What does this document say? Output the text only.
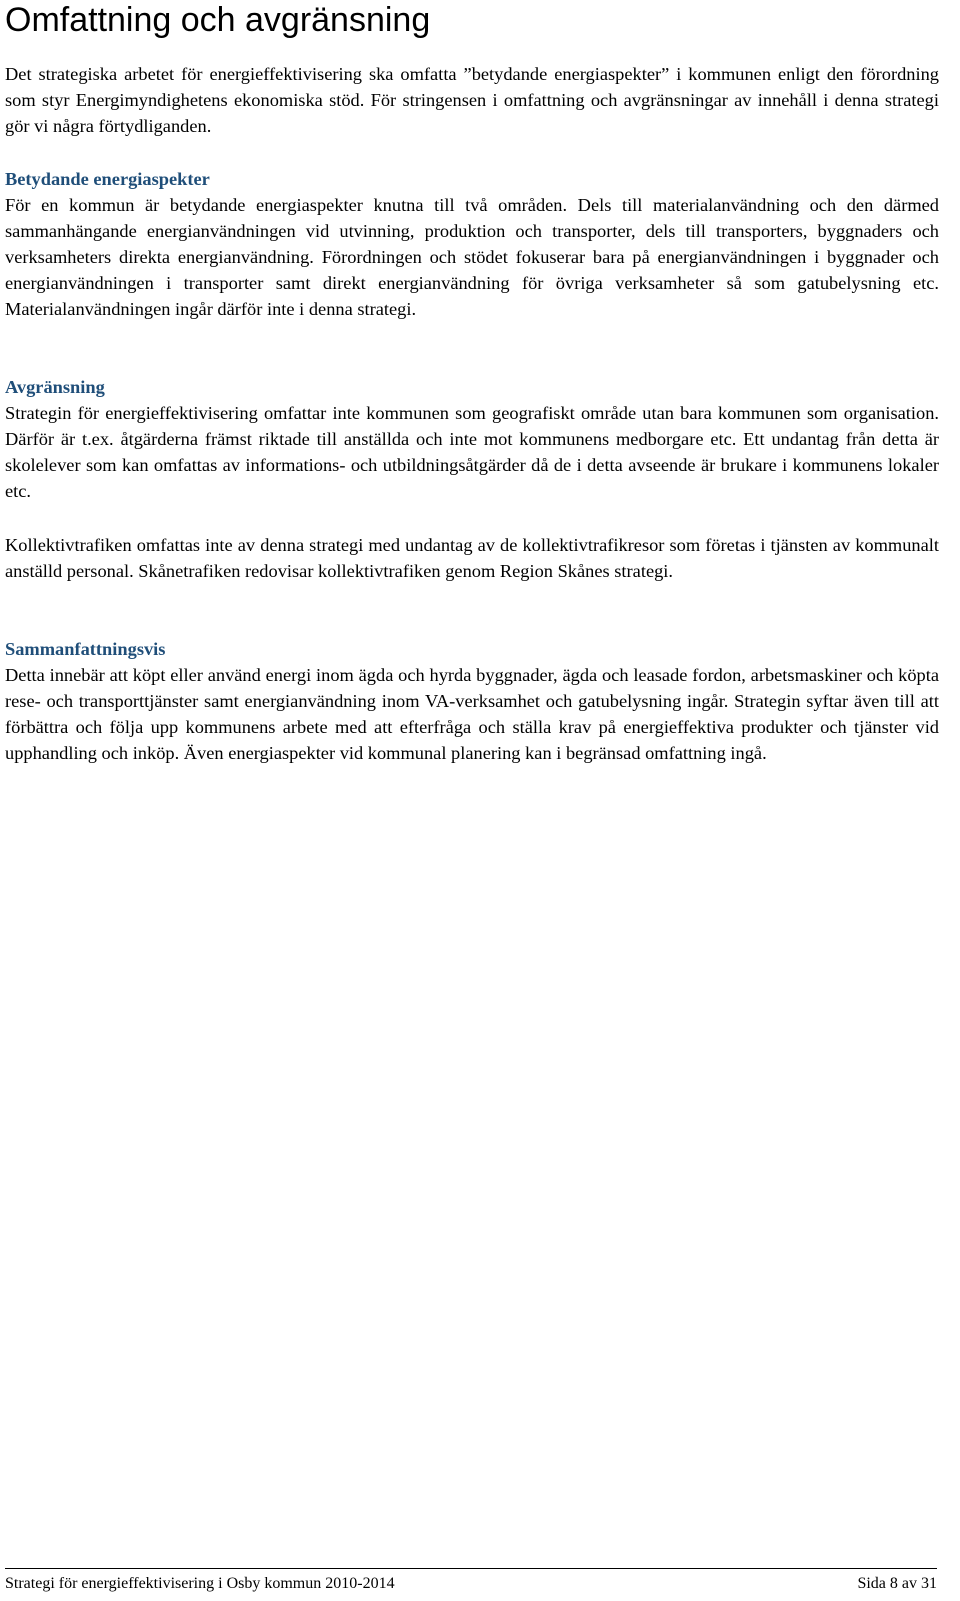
Omfattning och avgränsning

Det strategiska arbetet för energieffektivisering ska omfatta ”betydande energiaspekter” i kommunen enligt den förordning som styr Energimyndighetens ekonomiska stöd. För stringensen i omfattning och avgränsningar av innehåll i denna strategi gör vi några förtydliganden.

Betydande energiaspekter

För en kommun är betydande energiaspekter knutna till två områden. Dels till materialanvändning och den därmed sammanhängande energianvändningen vid utvinning, produktion och transporter, dels till transporters, byggnaders och verksamheters direkta energianvändning. Förordningen och stödet fokuserar bara på energianvändningen i byggnader och energianvändningen i transporter samt direkt energianvändning för övriga verksamheter så som gatubelysning etc. Materialanvändningen ingår därför inte i denna strategi.

Avgränsning

Strategin för energieffektivisering omfattar inte kommunen som geografiskt område utan bara kommunen som organisation. Därför är t.ex. åtgärderna främst riktade till anställda och inte mot kommunens medborgare etc. Ett undantag från detta är skolelever som kan omfattas av informations- och utbildningsåtgärder då de i detta avseende är brukare i kommunens lokaler etc.

Kollektivtrafiken omfattas inte av denna strategi med undantag av de kollektivtrafikresor som företas i tjänsten av kommunalt anställd personal. Skånetrafiken redovisar kollektivtrafiken genom Region Skånes strategi.

Sammanfattningsvis

Detta innebär att köpt eller använd energi inom ägda och hyrda byggnader, ägda och leasade fordon, arbetsmaskiner och köpta rese- och transporttjänster samt energianvändning inom VA-verksamhet och gatubelysning ingår. Strategin syftar även till att förbättra och följa upp kommunens arbete med att efterfråga och ställa krav på energieffektiva produkter och tjänster vid upphandling och inköp. Även energiaspekter vid kommunal planering kan i begränsad omfattning ingå.

Strategi för energieffektivisering i Osby kommun 2010-2014	Sida 8 av 31
